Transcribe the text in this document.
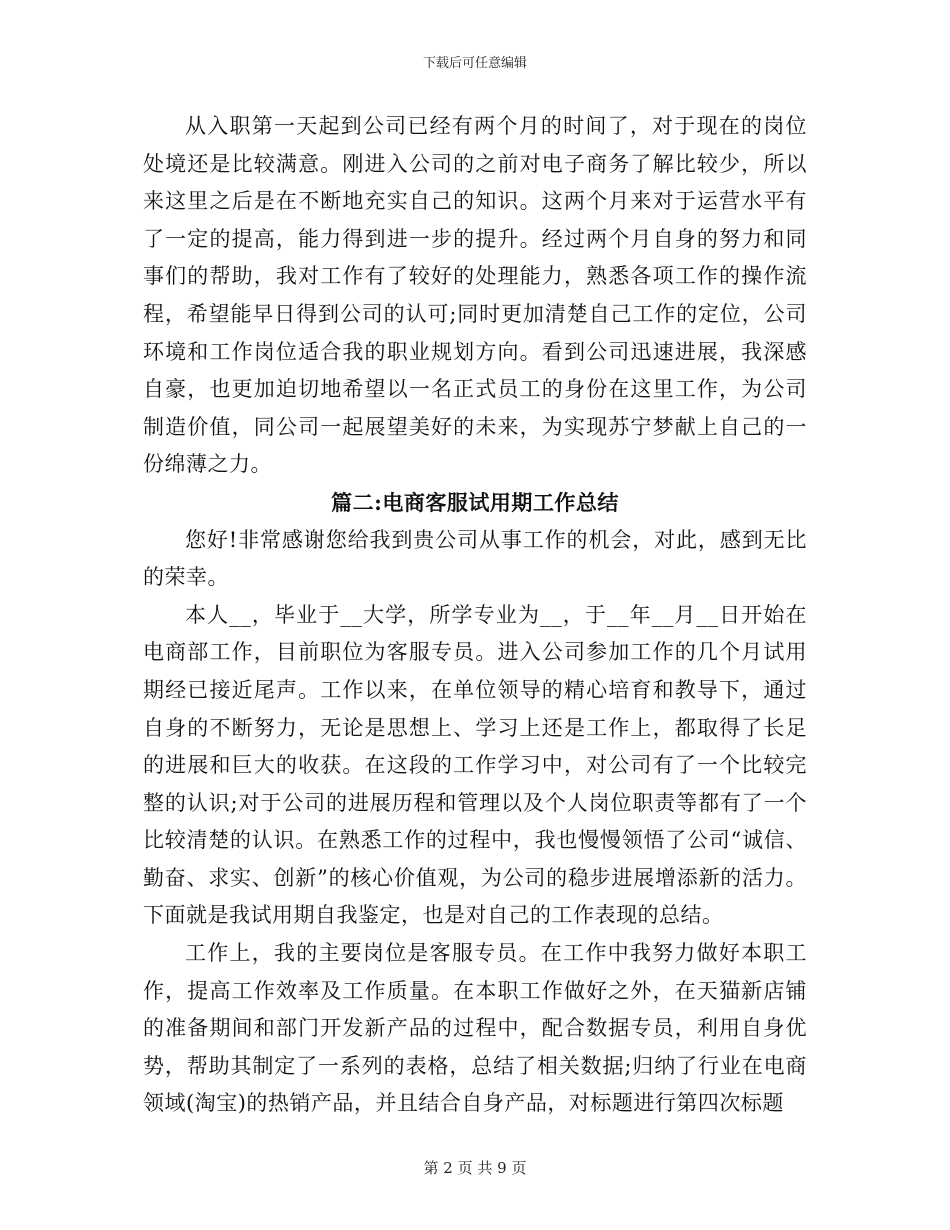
下载后可任意编辑

从入职第一天起到公司已经有两个月的时间了，对于现在的岗位处境还是比较满意。刚进入公司的之前对电子商务了解比较少，所以来这里之后是在不断地充实自己的知识。这两个月来对于运营水平有了一定的提高，能力得到进一步的提升。经过两个月自身的努力和同事们的帮助，我对工作有了较好的处理能力，熟悉各项工作的操作流程，希望能早日得到公司的认可;同时更加清楚自己工作的定位，公司环境和工作岗位适合我的职业规划方向。看到公司迅速进展，我深感自豪，也更加迫切地希望以一名正式员工的身份在这里工作，为公司制造价值，同公司一起展望美好的未来，为实现苏宁梦献上自己的一份绵薄之力。

篇二:电商客服试用期工作总结

您好!非常感谢您给我到贵公司从事工作的机会，对此，感到无比的荣幸。

本人__，毕业于__大学，所学专业为__，于__年__月__日开始在电商部工作，目前职位为客服专员。进入公司参加工作的几个月试用期经已接近尾声。工作以来，在单位领导的精心培育和教导下，通过自身的不断努力，无论是思想上、学习上还是工作上，都取得了长足的进展和巨大的收获。在这段的工作学习中，对公司有了一个比较完整的认识;对于公司的进展历程和管理以及个人岗位职责等都有了一个比较清楚的认识。在熟悉工作的过程中，我也慢慢领悟了公司“诚信、勤奋、求实、创新”的核心价值观，为公司的稳步进展增添新的活力。下面就是我试用期自我鉴定，也是对自己的工作表现的总结。

工作上，我的主要岗位是客服专员。在工作中我努力做好本职工作，提高工作效率及工作质量。在本职工作做好之外，在天猫新店铺的准备期间和部门开发新产品的过程中，配合数据专员，利用自身优势，帮助其制定了一系列的表格，总结了相关数据;归纳了行业在电商领域(淘宝)的热销产品，并且结合自身产品，对标题进行第四次标题

第 2 页 共 9 页
